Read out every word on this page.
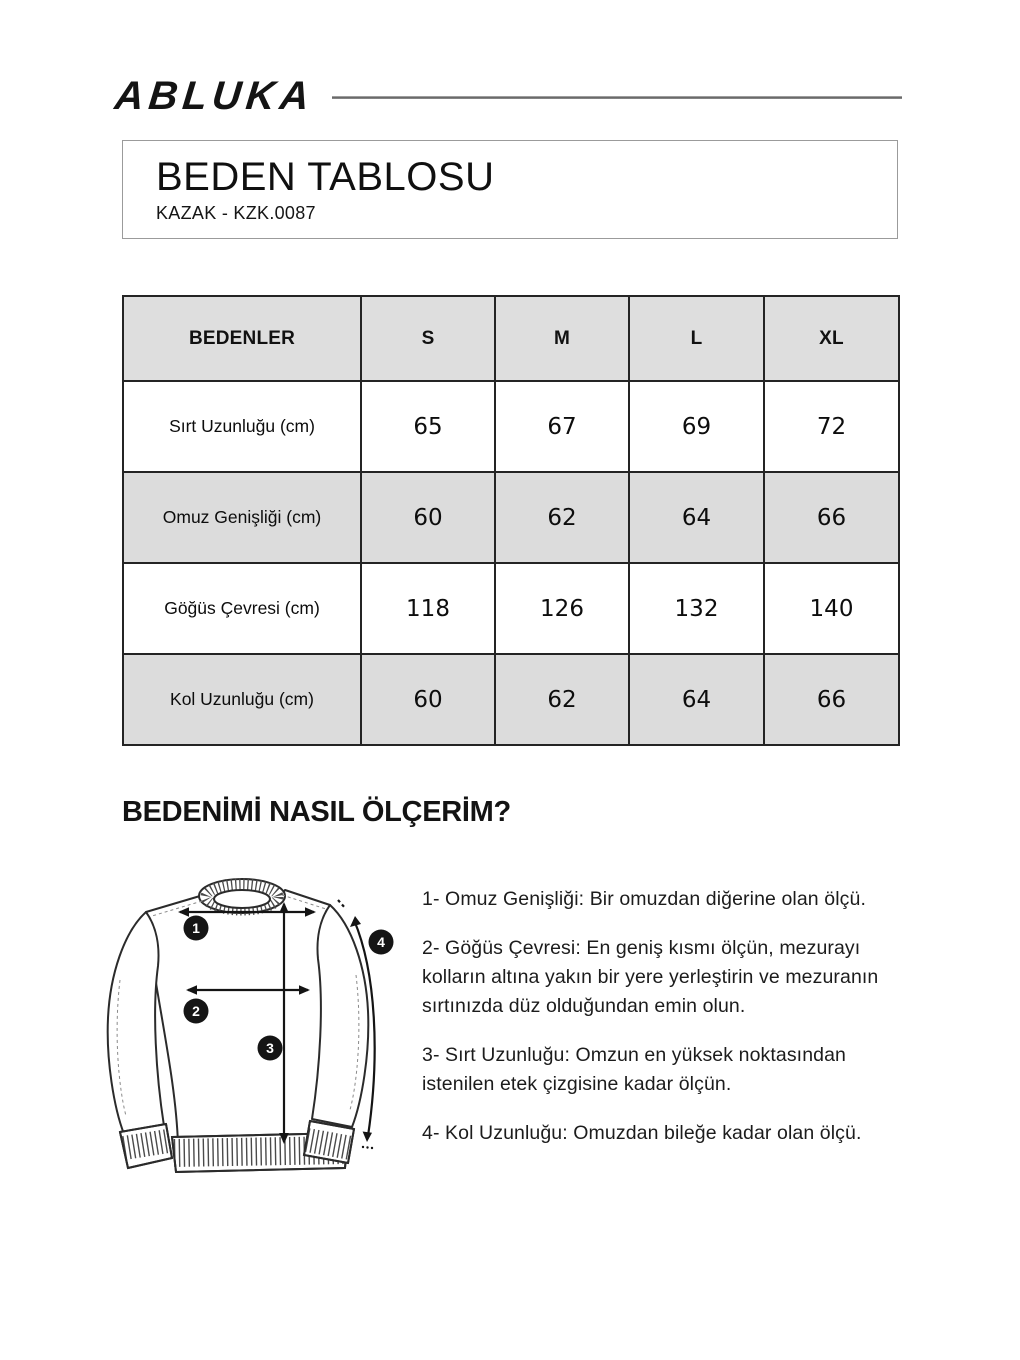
ABLUKA
BEDEN TABLOSU
KAZAK - KZK.0087
BEDENLER	S	M	L	XL
Sırt Uzunluğu (cm)	65	67	69	72
Omuz Genişliği (cm)	60	62	64	66
Göğüs Çevresi (cm)	118	126	132	140
Kol Uzunluğu (cm)	60	62	64	66
BEDENİMİ NASIL ÖLÇERİM?
1
2
3
4

1- Omuz Genişliği: Bir omuzdan diğerine olan ölçü.

2- Göğüs Çevresi: En geniş kısmı ölçün, mezurayı kolların altına yakın bir yere yerleştirin ve mezuranın sırtınızda düz olduğundan emin olun.

3- Sırt Uzunluğu: Omzun en yüksek noktasından istenilen etek çizgisine kadar ölçün.

4- Kol Uzunluğu: Omuzdan bileğe kadar olan ölçü.
